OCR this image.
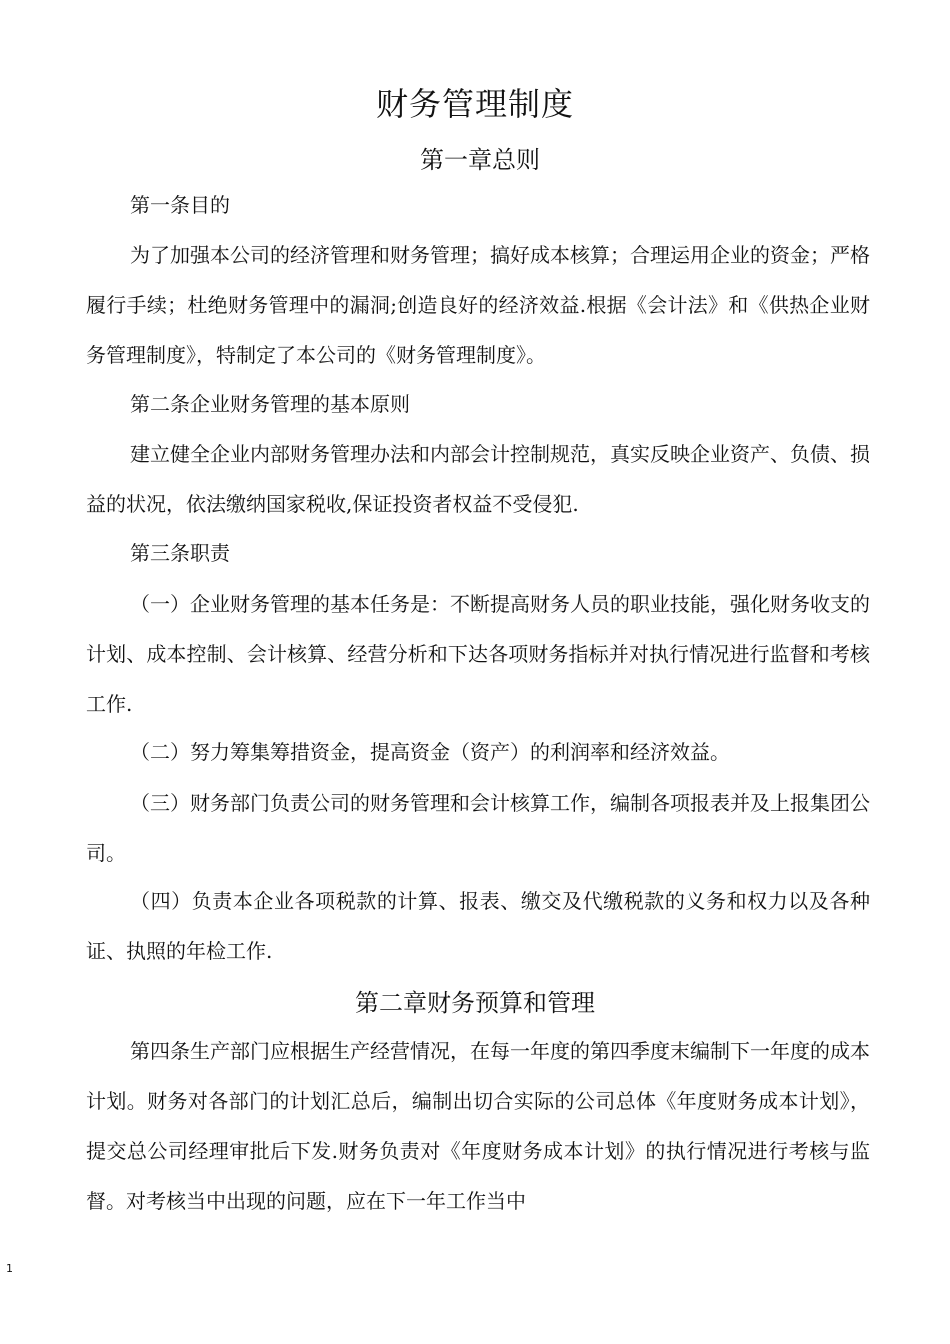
财务管理制度
第一章总则
第一条目的

为了加强本公司的经济管理和财务管理；搞好成本核算；合理运用企业的资金；严格履行手续；杜绝财务管理中的漏洞;创造良好的经济效益.根据《会计法》和《供热企业财务管理制度》，特制定了本公司的《财务管理制度》。

第二条企业财务管理的基本原则

建立健全企业内部财务管理办法和内部会计控制规范，真实反映企业资产、负债、损益的状况，依法缴纳国家税收,保证投资者权益不受侵犯.

第三条职责

（一）企业财务管理的基本任务是：不断提高财务人员的职业技能，强化财务收支的计划、成本控制、会计核算、经营分析和下达各项财务指标并对执行情况进行监督和考核工作.

（二）努力筹集筹措资金，提高资金（资产）的利润率和经济效益。

（三）财务部门负责公司的财务管理和会计核算工作，编制各项报表并及上报集团公司。

（四）负责本企业各项税款的计算、报表、缴交及代缴税款的义务和权力以及各种证、执照的年检工作.

第二章财务预算和管理

第四条生产部门应根据生产经营情况，在每一年度的第四季度末编制下一年度的成本计划。财务对各部门的计划汇总后，编制出切合实际的公司总体《年度财务成本计划》，提交总公司经理审批后下发.财务负责对《年度财务成本计划》的执行情况进行考核与监督。对考核当中出现的问题，应在下一年工作当中

1
